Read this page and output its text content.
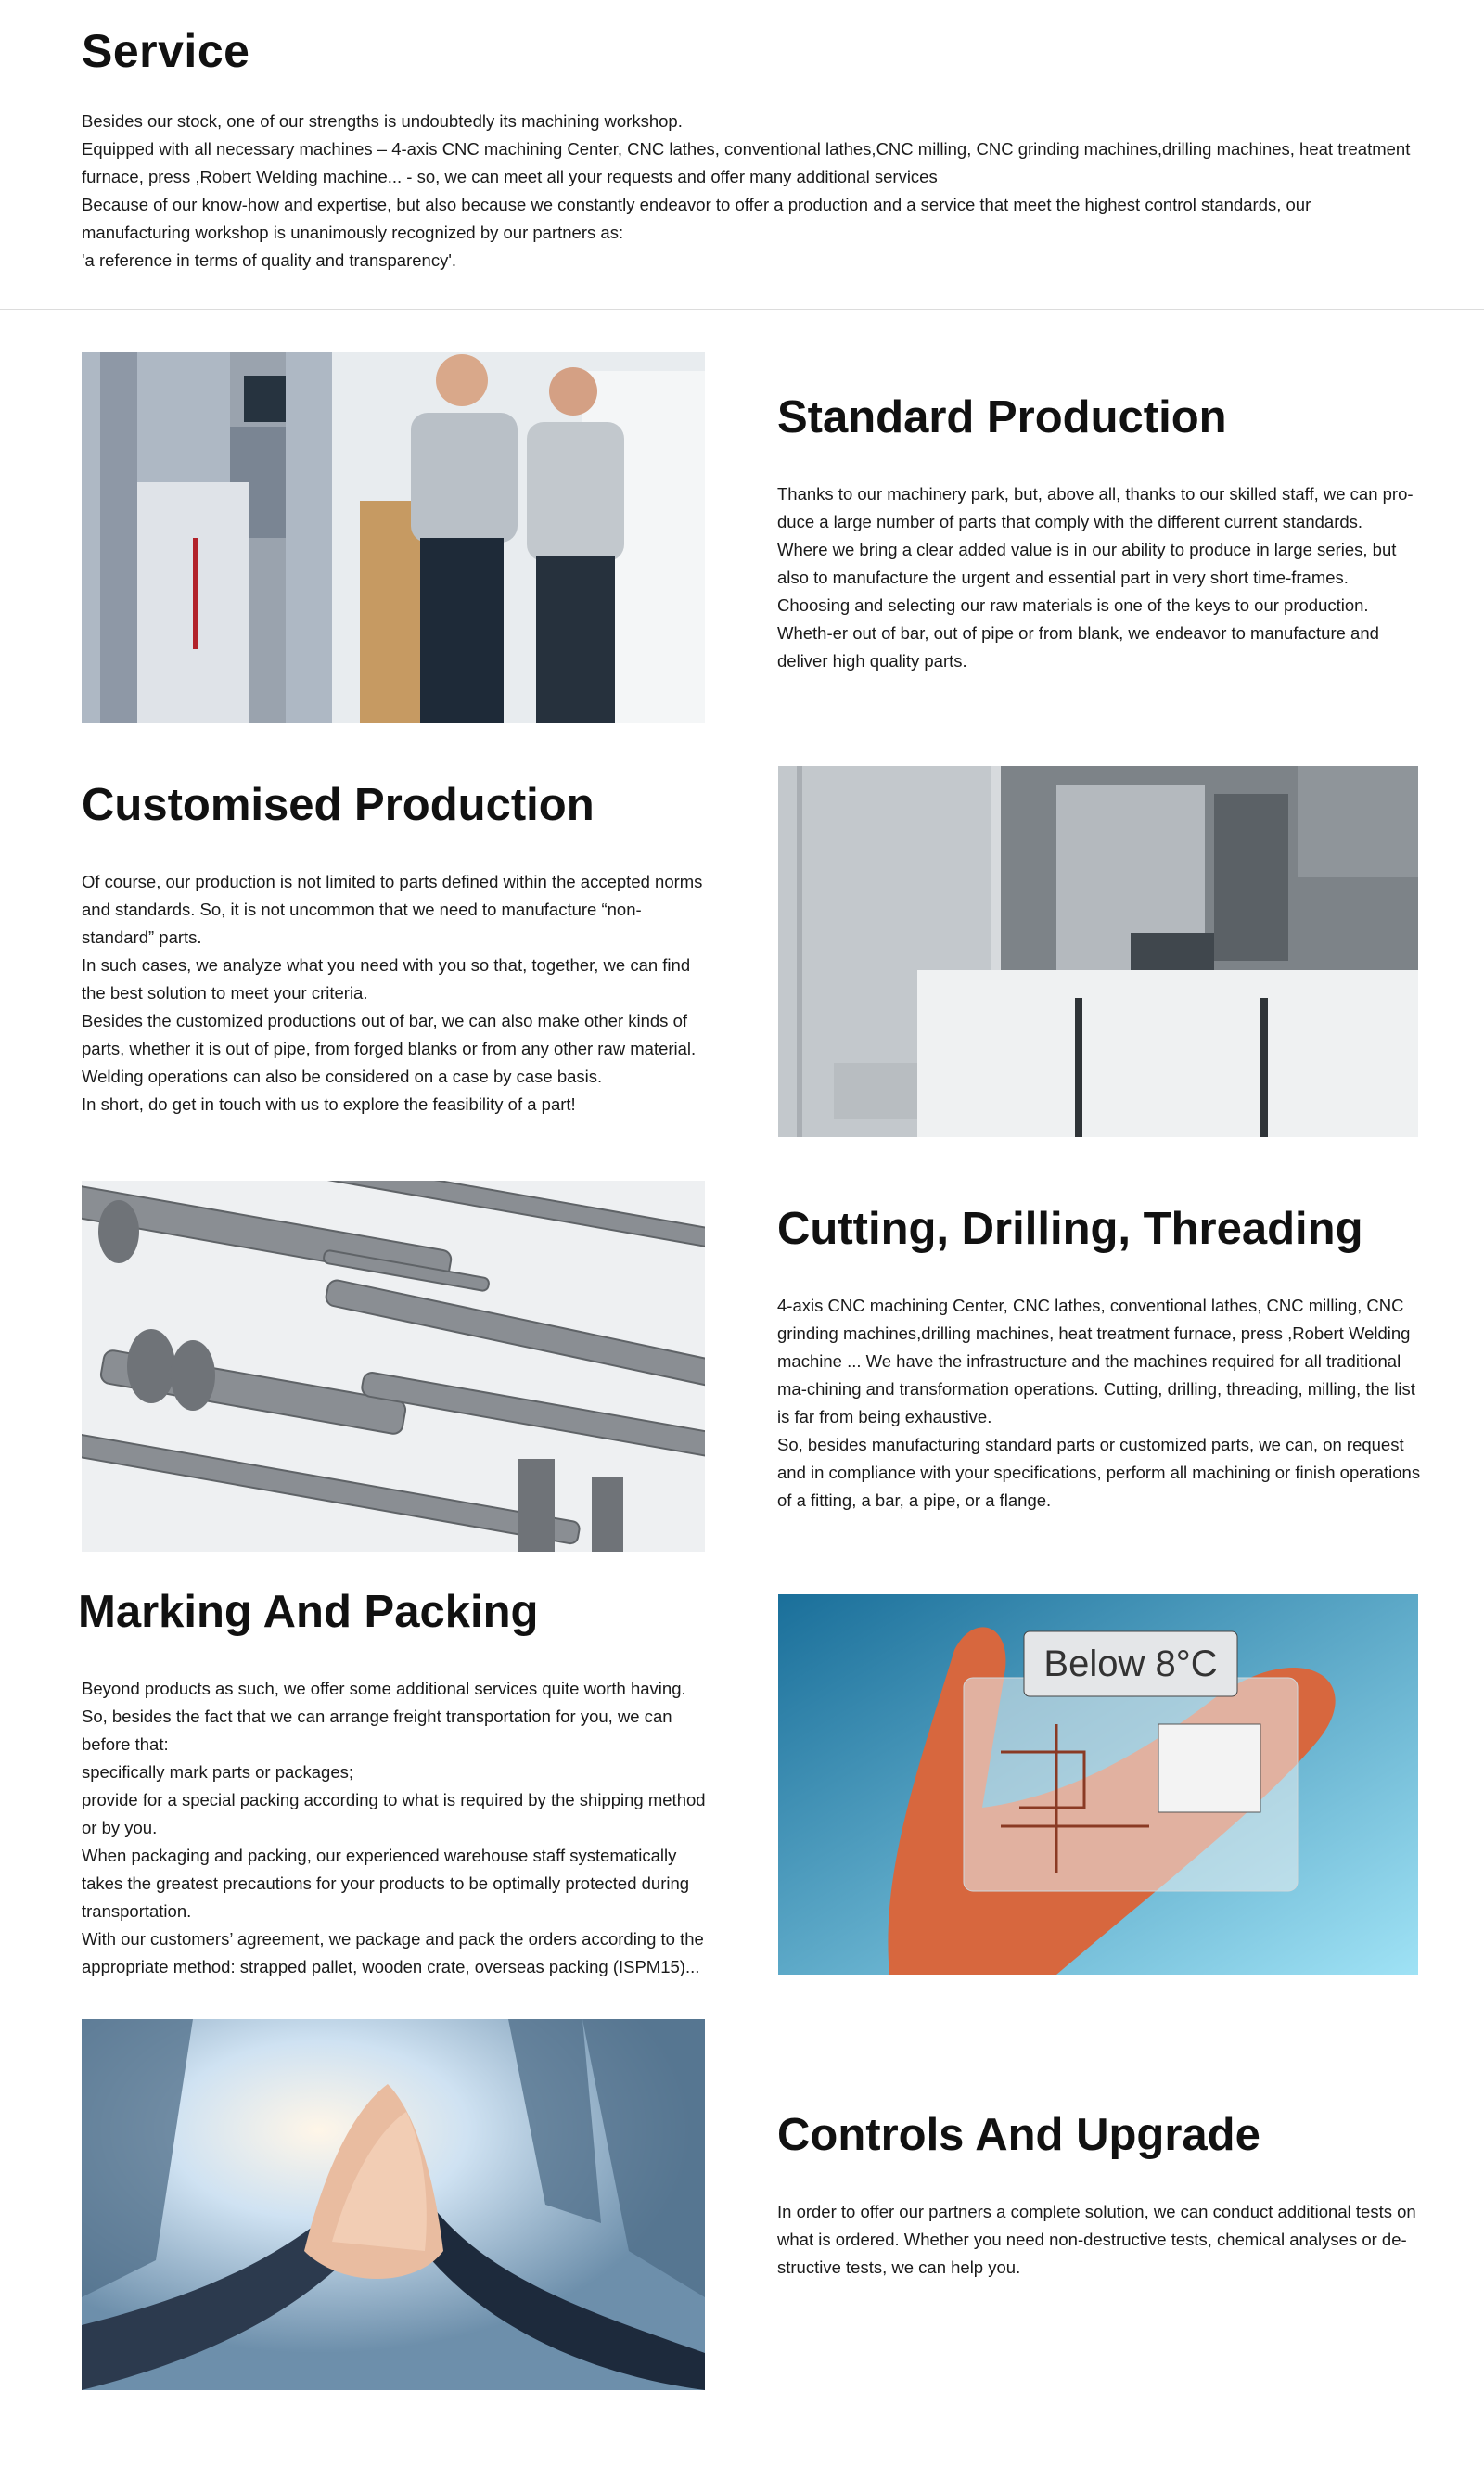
Service

Besides our stock, one of our strengths is undoubtedly its machining workshop.

Equipped with all necessary machines – 4-axis CNC machining Center, CNC lathes, conventional lathes,CNC milling, CNC grinding machines,drilling machines, heat treatment furnace, press ,Robert Welding machine... - so, we can meet all your requests and offer many additional services

Because of our know-how and expertise, but also because we constantly endeavor to offer a production and a service that meet the highest control standards, our manufacturing workshop is unanimously recognized by our partners as:

'a reference in terms of quality and transparency'.

Standard Production

Thanks to our machinery park, but, above all, thanks to our skilled staff, we can pro-duce a large number of parts that comply with the different current standards.

Where we bring a clear added value is in our ability to produce in large series, but also to manufacture the urgent and essential part in very short time-frames.

Choosing and selecting our raw materials is one of the keys to our production. Wheth-er out of bar, out of pipe or from blank, we endeavor to manufacture and deliver high quality parts.

Customised Production

Of course, our production is not limited to parts defined within the accepted norms and standards. So, it is not uncommon that we need to manufacture “non-standard” parts.

In such cases, we analyze what you need with you so that, together, we can find the best solution to meet your criteria.

Besides the customized productions out of bar, we can also make other kinds of parts, whether it is out of pipe, from forged blanks or from any other raw material.

Welding operations can also be considered on a case by case basis.

In short, do get in touch with us to explore the feasibility of a part!

Cutting, Drilling, Threading

4-axis CNC machining Center, CNC lathes, conventional lathes, CNC milling, CNC grinding machines,drilling machines, heat treatment furnace, press ,Robert Welding machine ... We have the infrastructure and the machines required for all traditional ma-chining and transformation operations. Cutting, drilling, threading, milling, the list is far from being exhaustive.

So, besides manufacturing standard parts or customized parts, we can, on request and in compliance with your specifications, perform all machining or finish operations of a fitting, a bar, a pipe, or a flange.

Marking And Packing

Beyond products as such, we offer some additional services quite worth having.

So, besides the fact that we can arrange freight transportation for you, we can before that:

specifically mark parts or packages;

provide for a special packing according to what is required by the shipping method or by you.

When packaging and packing, our experienced warehouse staff systematically takes the greatest precautions for your products to be optimally protected during transportation.

With our customers’ agreement, we package and pack the orders according to the appropriate method: strapped pallet, wooden crate, overseas packing (ISPM15)...

Below 8°C
Controls And Upgrade

In order to offer our partners a complete solution, we can conduct additional tests on what is ordered. Whether you need non-destructive tests, chemical analyses or de-structive tests, we can help you.
